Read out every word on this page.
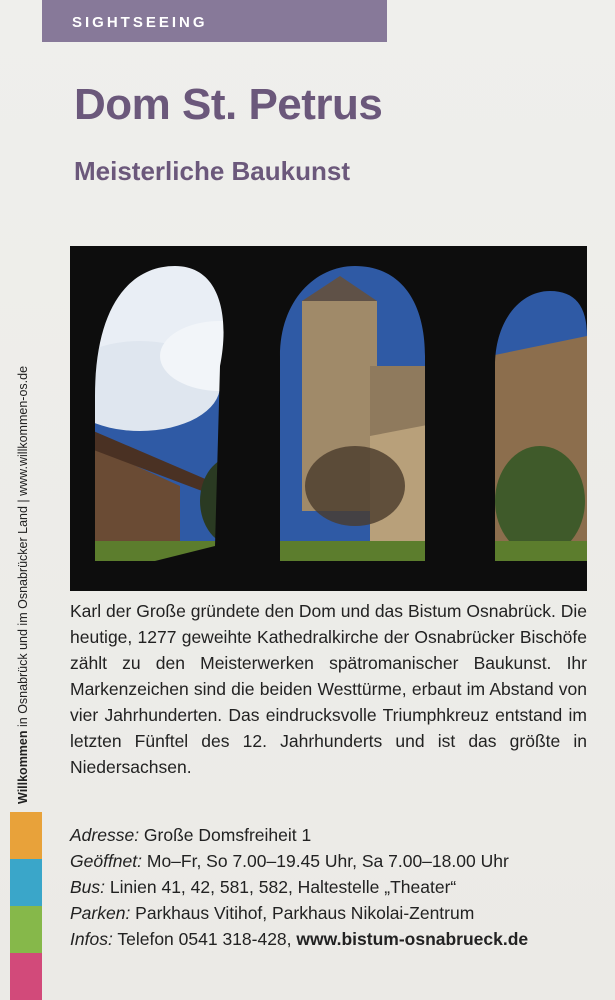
SIGHTSEEING
Dom St. Petrus
Meisterliche Baukunst
Willkommen in Osnabrück und im Osnabrücker Land | www.willkommen-os.de Karl der Große gründete den Dom und das Bistum Osnabrück. Die heutige, 1277 geweihte Kathedralkirche der Osnabrücker Bischöfe zählt zu den Meisterwerken spätromanischer Baukunst. Ihr Markenzeichen sind die beiden Westtürme, erbaut im Abstand von vier Jahrhunderten. Das eindrucksvolle Triumphkreuz entstand im letzten Fünftel des 12. Jahrhunderts und ist das größte in Niedersachsen.

Adresse: Große Domsfreiheit 1
Geöffnet: Mo–Fr, So 7.00–19.45 Uhr, Sa 7.00–18.00 Uhr
Bus: Linien 41, 42, 581, 582, Haltestelle „Theater“
Parken: Parkhaus Vitihof, Parkhaus Nikolai-Zentrum
Infos: Telefon 0541 318-428, www.bistum-osnabrueck.de
